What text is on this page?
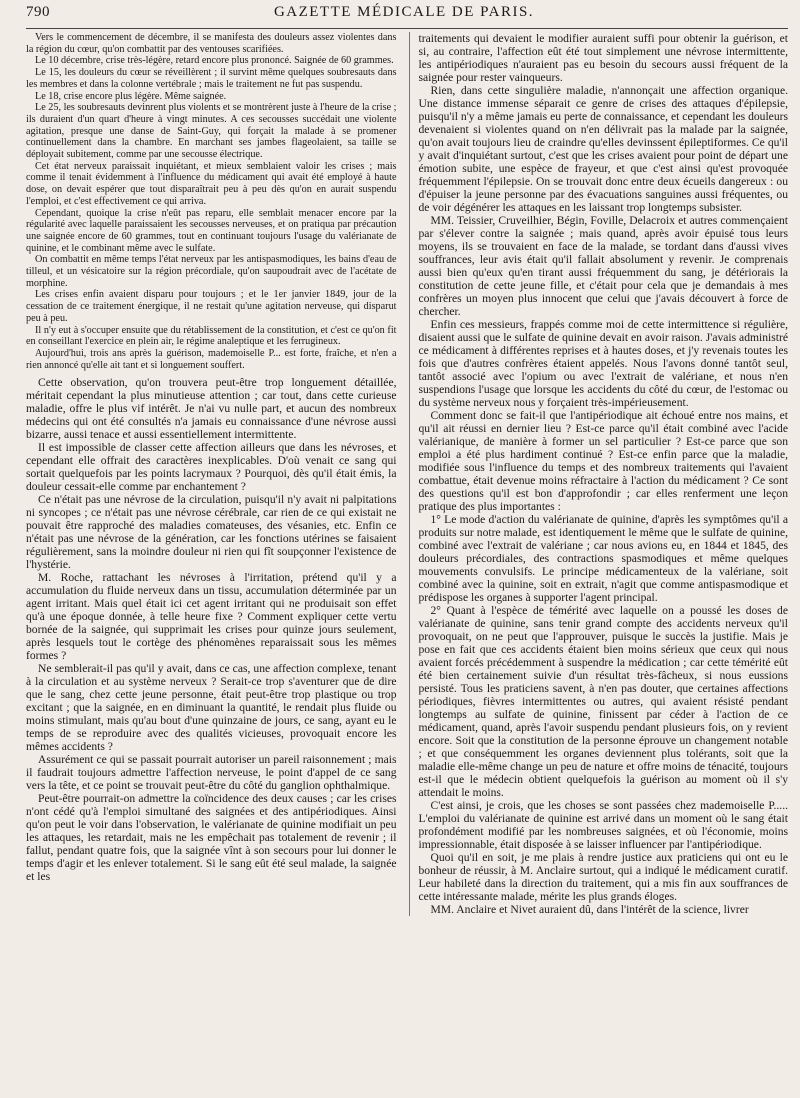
790	GAZETTE MÉDICALE DE PARIS.

Vers le commencement de décembre, il se manifesta des douleurs assez violentes dans la région du cœur, qu'on combattit par des ventouses scarifiées.

Le 10 décembre, crise très-légère, retard encore plus prononcé. Saignée de 60 grammes.

Le 15, les douleurs du cœur se réveillèrent ; il survint même quelques soubresauts dans les membres et dans la colonne vertébrale ; mais le traitement ne fut pas suspendu.

Le 18, crise encore plus légère. Même saignée.

Le 25, les soubresauts devinrent plus violents et se montrèrent juste à l'heure de la crise ; ils duraient d'un quart d'heure à vingt minutes. A ces secousses succédait une violente agitation, presque une danse de Saint-Guy, qui forçait la malade à se promener continuellement dans la chambre. En marchant ses jambes flageolaient, sa taille se déployait subitement, comme par une secousse électrique.

Cet état nerveux paraissait inquiétant, et mieux semblaient valoir les crises ; mais comme il tenait évidemment à l'influence du médicament qui avait été employé à haute dose, on devait espérer que tout disparaîtrait peu à peu dès qu'on en aurait suspendu l'emploi, et c'est effectivement ce qui arriva.

Cependant, quoique la crise n'eût pas reparu, elle semblait menacer encore par la régularité avec laquelle paraissaient les secousses nerveuses, et on pratiqua par précaution une saignée encore de 60 grammes, tout en continuant toujours l'usage du valérianate de quinine, et le combinant même avec le sulfate.

On combattit en même temps l'état nerveux par les antispasmodiques, les bains d'eau de tilleul, et un vésicatoire sur la région précordiale, qu'on saupoudrait avec de l'acétate de morphine.

Les crises enfin avaient disparu pour toujours ; et le 1er janvier 1849, jour de la cessation de ce traitement énergique, il ne restait qu'une agitation nerveuse, qui disparut peu à peu.

Il n'y eut à s'occuper ensuite que du rétablissement de la constitution, et c'est ce qu'on fit en conseillant l'exercice en plein air, le régime analeptique et les ferrugineux.

Aujourd'hui, trois ans après la guérison, mademoiselle P... est forte, fraîche, et n'en a rien annoncé qu'elle ait tant et si longuement souffert.

Cette observation, qu'on trouvera peut-être trop longuement détaillée, méritait cependant la plus minutieuse attention ; car tout, dans cette curieuse maladie, offre le plus vif intérêt. Je n'ai vu nulle part, et aucun des nombreux médecins qui ont été consultés n'a jamais eu connaissance d'une névrose aussi bizarre, aussi tenace et aussi essentiellement intermittente.

Il est impossible de classer cette affection ailleurs que dans les névroses, et cependant elle offrait des caractères inexplicables. D'où venait ce sang qui sortait quelquefois par les points lacrymaux ? Pourquoi, dès qu'il était émis, la douleur cessait-elle comme par enchantement ?

Ce n'était pas une névrose de la circulation, puisqu'il n'y avait ni palpitations ni syncopes ; ce n'était pas une névrose cérébrale, car rien de ce qui existait ne pouvait être rapproché des maladies comateuses, des vésanies, etc. Enfin ce n'était pas une névrose de la génération, car les fonctions utérines se faisaient régulièrement, sans la moindre douleur ni rien qui fît soupçonner l'existence de l'hystérie.

M. Roche, rattachant les névroses à l'irritation, prétend qu'il y a accumulation du fluide nerveux dans un tissu, accumulation déterminée par un agent irritant. Mais quel était ici cet agent irritant qui ne produisait son effet qu'à une époque donnée, à telle heure fixe ? Comment expliquer cette vertu bornée de la saignée, qui supprimait les crises pour quinze jours seulement, après lesquels tout le cortège des phénomènes reparaissait sous les mêmes formes ?

Ne semblerait-il pas qu'il y avait, dans ce cas, une affection complexe, tenant à la circulation et au système nerveux ? Serait-ce trop s'aventurer que de dire que le sang, chez cette jeune personne, était peut-être trop plastique ou trop excitant ; que la saignée, en en diminuant la quantité, le rendait plus fluide ou moins stimulant, mais qu'au bout d'une quinzaine de jours, ce sang, ayant eu le temps de se reproduire avec des qualités vicieuses, provoquait encore les mêmes accidents ?

Assurément ce qui se passait pourrait autoriser un pareil raisonnement ; mais il faudrait toujours admettre l'affection nerveuse, le point d'appel de ce sang vers la tête, et ce point se trouvait peut-être du côté du ganglion ophthalmique.

Peut-être pourrait-on admettre la coïncidence des deux causes ; car les crises n'ont cédé qu'à l'emploi simultané des saignées et des antipériodiques. Ainsi qu'on peut le voir dans l'observation, le valérianate de quinine modifiait un peu les attaques, les retardait, mais ne les empêchait pas totalement de revenir ; il fallut, pendant quatre fois, que la saignée vînt à son secours pour lui donner le temps d'agir et les enlever totalement. Si le sang eût été seul malade, la saignée et les

traitements qui devaient le modifier auraient suffi pour obtenir la guérison, et si, au contraire, l'affection eût été tout simplement une névrose intermittente, les antipériodiques n'auraient pas eu besoin du secours aussi fréquent de la saignée pour rester vainqueurs.

Rien, dans cette singulière maladie, n'annonçait une affection organique. Une distance immense séparait ce genre de crises des attaques d'épilepsie, puisqu'il n'y a même jamais eu perte de connaissance, et cependant les douleurs devenaient si violentes quand on n'en délivrait pas la malade par la saignée, qu'on avait toujours lieu de craindre qu'elles devinssent épileptiformes. Ce qu'il y avait d'inquiétant surtout, c'est que les crises avaient pour point de départ une émotion subite, une espèce de frayeur, et que c'est ainsi qu'est provoquée fréquemment l'épilepsie. On se trouvait donc entre deux écueils dangereux : ou d'épuiser la jeune personne par des évacuations sanguines aussi fréquentes, ou de voir dégénérer les attaques en les laissant trop longtemps subsister.

MM. Teissier, Cruveilhier, Bégin, Foville, Delacroix et autres commençaient par s'élever contre la saignée ; mais quand, après avoir épuisé tous leurs moyens, ils se trouvaient en face de la malade, se tordant dans d'aussi vives souffrances, leur avis était qu'il fallait absolument y revenir. Je comprenais aussi bien qu'eux qu'en tirant aussi fréquemment du sang, je détériorais la constitution de cette jeune fille, et c'était pour cela que je demandais à mes confrères un moyen plus innocent que celui que j'avais découvert à force de chercher.

Enfin ces messieurs, frappés comme moi de cette intermittence si régulière, disaient aussi que le sulfate de quinine devait en avoir raison. J'avais administré ce médicament à différentes reprises et à hautes doses, et j'y revenais toutes les fois que d'autres confrères étaient appelés. Nous l'avons donné tantôt seul, tantôt associé avec l'opium ou avec l'extrait de valériane, et nous n'en suspendions l'usage que lorsque les accidents du côté du cœur, de l'estomac ou du système nerveux nous y forçaient très-impérieusement.

Comment donc se fait-il que l'antipériodique ait échoué entre nos mains, et qu'il ait réussi en dernier lieu ? Est-ce parce qu'il était combiné avec l'acide valérianique, de manière à former un sel particulier ? Est-ce parce que son emploi a été plus hardiment continué ? Est-ce enfin parce que la maladie, modifiée sous l'influence du temps et des nombreux traitements qui l'avaient combattue, était devenue moins réfractaire à l'action du médicament ? Ce sont des questions qu'il est bon d'approfondir ; car elles renferment une leçon pratique des plus importantes :

1° Le mode d'action du valérianate de quinine, d'après les symptômes qu'il a produits sur notre malade, est identiquement le même que le sulfate de quinine, combiné avec l'extrait de valériane ; car nous avions eu, en 1844 et 1845, des douleurs précordiales, des contractions spasmodiques et même quelques mouvements convulsifs. Le principe médicamenteux de la valériane, soit combiné avec la quinine, soit en extrait, n'agit que comme antispasmodique et prédispose les organes à supporter l'agent principal.

2° Quant à l'espèce de témérité avec laquelle on a poussé les doses de valérianate de quinine, sans tenir grand compte des accidents nerveux qu'il provoquait, on ne peut que l'approuver, puisque le succès la justifie. Mais je pose en fait que ces accidents étaient bien moins sérieux que ceux qui nous avaient forcés précédemment à suspendre la médication ; car cette témérité eût été bien certainement suivie d'un résultat très-fâcheux, si nous eussions persisté. Tous les praticiens savent, à n'en pas douter, que certaines affections périodiques, fièvres intermittentes ou autres, qui avaient résisté pendant longtemps au sulfate de quinine, finissent par céder à l'action de ce médicament, quand, après l'avoir suspendu pendant plusieurs fois, on y revient encore. Soit que la constitution de la personne éprouve un changement notable ; et que conséquemment les organes deviennent plus tolérants, soit que la maladie elle-même change un peu de nature et offre moins de ténacité, toujours est-il que le médecin obtient quelquefois la guérison au moment où il s'y attendait le moins.

C'est ainsi, je crois, que les choses se sont passées chez mademoiselle P..... L'emploi du valérianate de quinine est arrivé dans un moment où le sang était profondément modifié par les nombreuses saignées, et où l'économie, moins impressionnable, était disposée à se laisser influencer par l'antipériodique.

Quoi qu'il en soit, je me plais à rendre justice aux praticiens qui ont eu le bonheur de réussir, à M. Anclaire surtout, qui a indiqué le médicament curatif. Leur habileté dans la direction du traitement, qui a mis fin aux souffrances de cette intéressante malade, mérite les plus grands éloges.

MM. Anclaire et Nivet auraient dû, dans l'intérêt de la science, livrer
